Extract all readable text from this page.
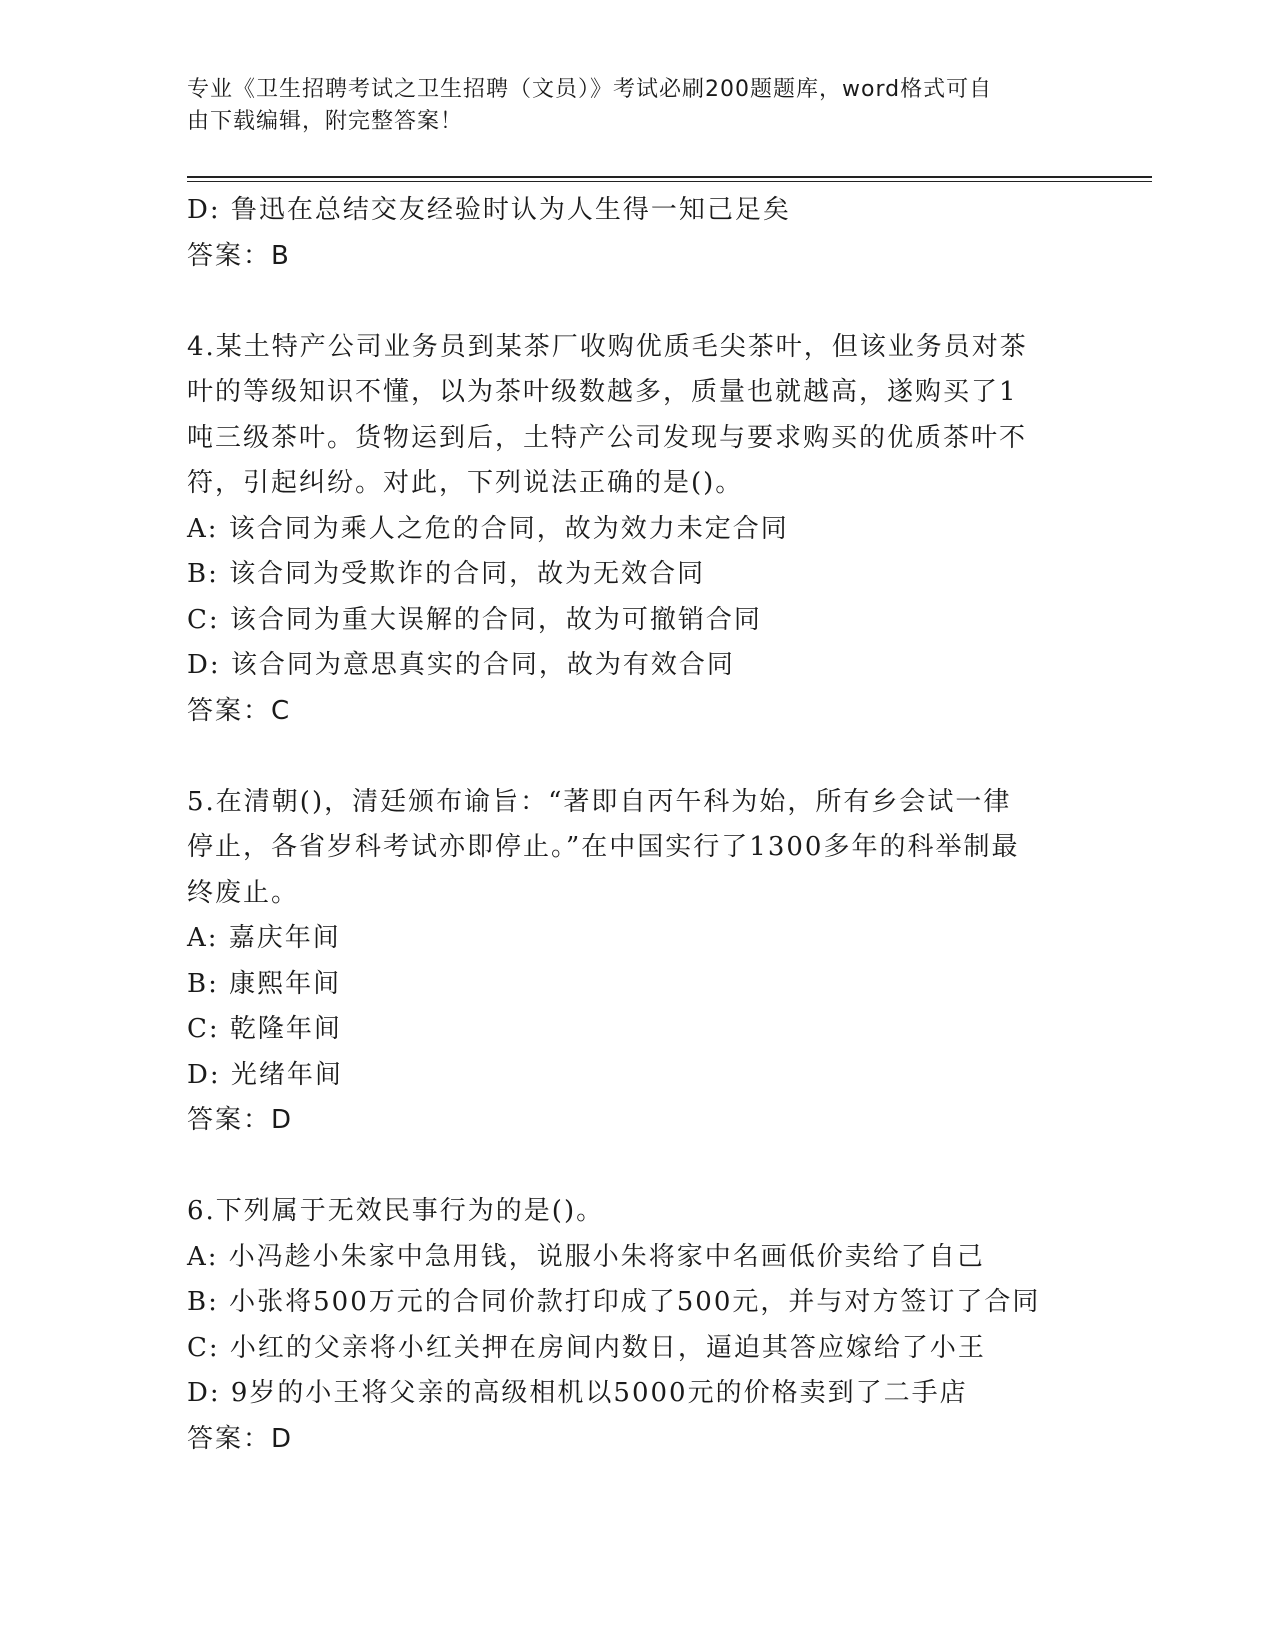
专业《卫生招聘考试之卫生招聘（文员）》考试必刷200题题库，word格式可自

由下载编辑，附完整答案！

D: 鲁迅在总结交友经验时认为人生得一知己足矣
答案：B
4.某土特产公司业务员到某茶厂收购优质毛尖茶叶，但该业务员对茶
叶的等级知识不懂，以为茶叶级数越多，质量也就越高，遂购买了1
吨三级茶叶。货物运到后，土特产公司发现与要求购买的优质茶叶不
符，引起纠纷。对此，下列说法正确的是()。
A: 该合同为乘人之危的合同，故为效力未定合同
B: 该合同为受欺诈的合同，故为无效合同
C: 该合同为重大误解的合同，故为可撤销合同
D: 该合同为意思真实的合同，故为有效合同
答案：C
5.在清朝()，清廷颁布谕旨：“著即自丙午科为始，所有乡会试一律
停止，各省岁科考试亦即停止。”在中国实行了1300多年的科举制最
终废止。
A: 嘉庆年间
B: 康熙年间
C: 乾隆年间
D: 光绪年间
答案：D
6.下列属于无效民事行为的是()。
A: 小冯趁小朱家中急用钱，说服小朱将家中名画低价卖给了自己
B: 小张将500万元的合同价款打印成了500元，并与对方签订了合同
C: 小红的父亲将小红关押在房间内数日，逼迫其答应嫁给了小王
D: 9岁的小王将父亲的高级相机以5000元的价格卖到了二手店
答案：D
